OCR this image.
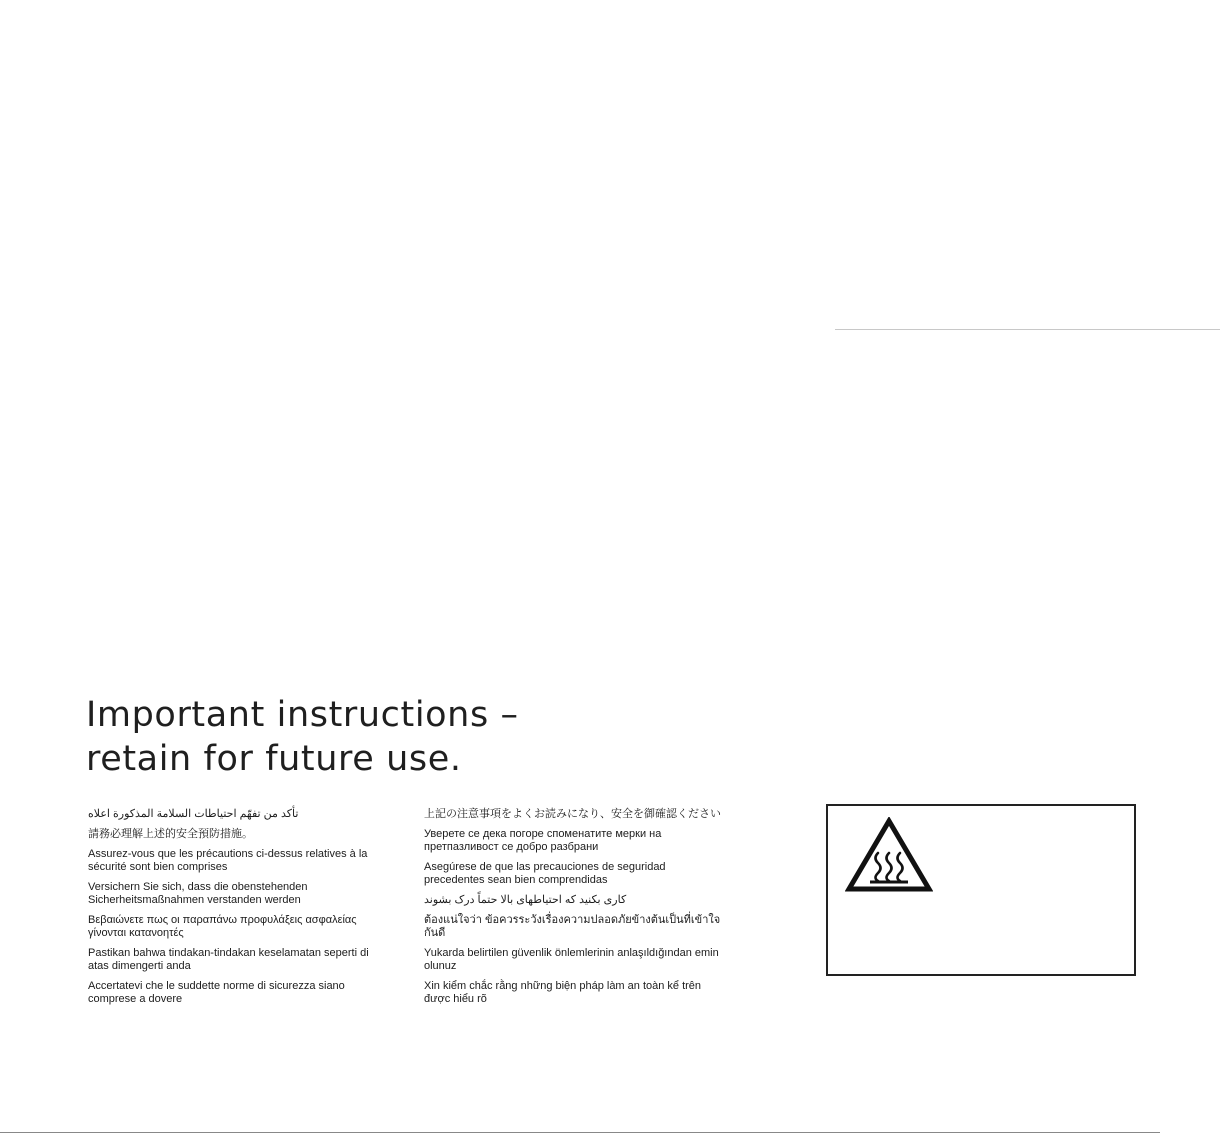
Important instructions –
retain for future use.

تأكد من تفهّم احتياطات السلامة المذكورة اعلاه

請務必理解上述的安全預防措施。

Assurez-vous que les précautions ci-dessus relatives à la sécurité sont bien comprises

Versichern Sie sich, dass die obenstehenden Sicherheitsmaßnahmen verstanden werden

Βεβαιώνετε πως οι παραπάνω προφυλάξεις ασφαλείας γίνονται κατανοητές

Pastikan bahwa tindakan-tindakan keselamatan seperti di atas dimengerti anda

Accertatevi che le suddette norme di sicurezza siano comprese a dovere

上記の注意事項をよくお読みになり、安全を御確認ください

Уверете се дека погоре споменатите мерки на претпазливост се добро разбрани

Asegúrese de que las precauciones de seguridad precedentes sean bien comprendidas

کاری بکنید که احتیاطهای بالا حتماً درک بشوند

ต้องแน่ใจว่า ข้อควรระวังเรื่องความปลอดภัยข้างต้นเป็นที่เข้าใจกันดี

Yukarda belirtilen güvenlik önlemlerinin anlaşıldığından emin olunuz

Xin kiểm chắc rằng những biện pháp làm an toàn kể trên được hiểu rõ
